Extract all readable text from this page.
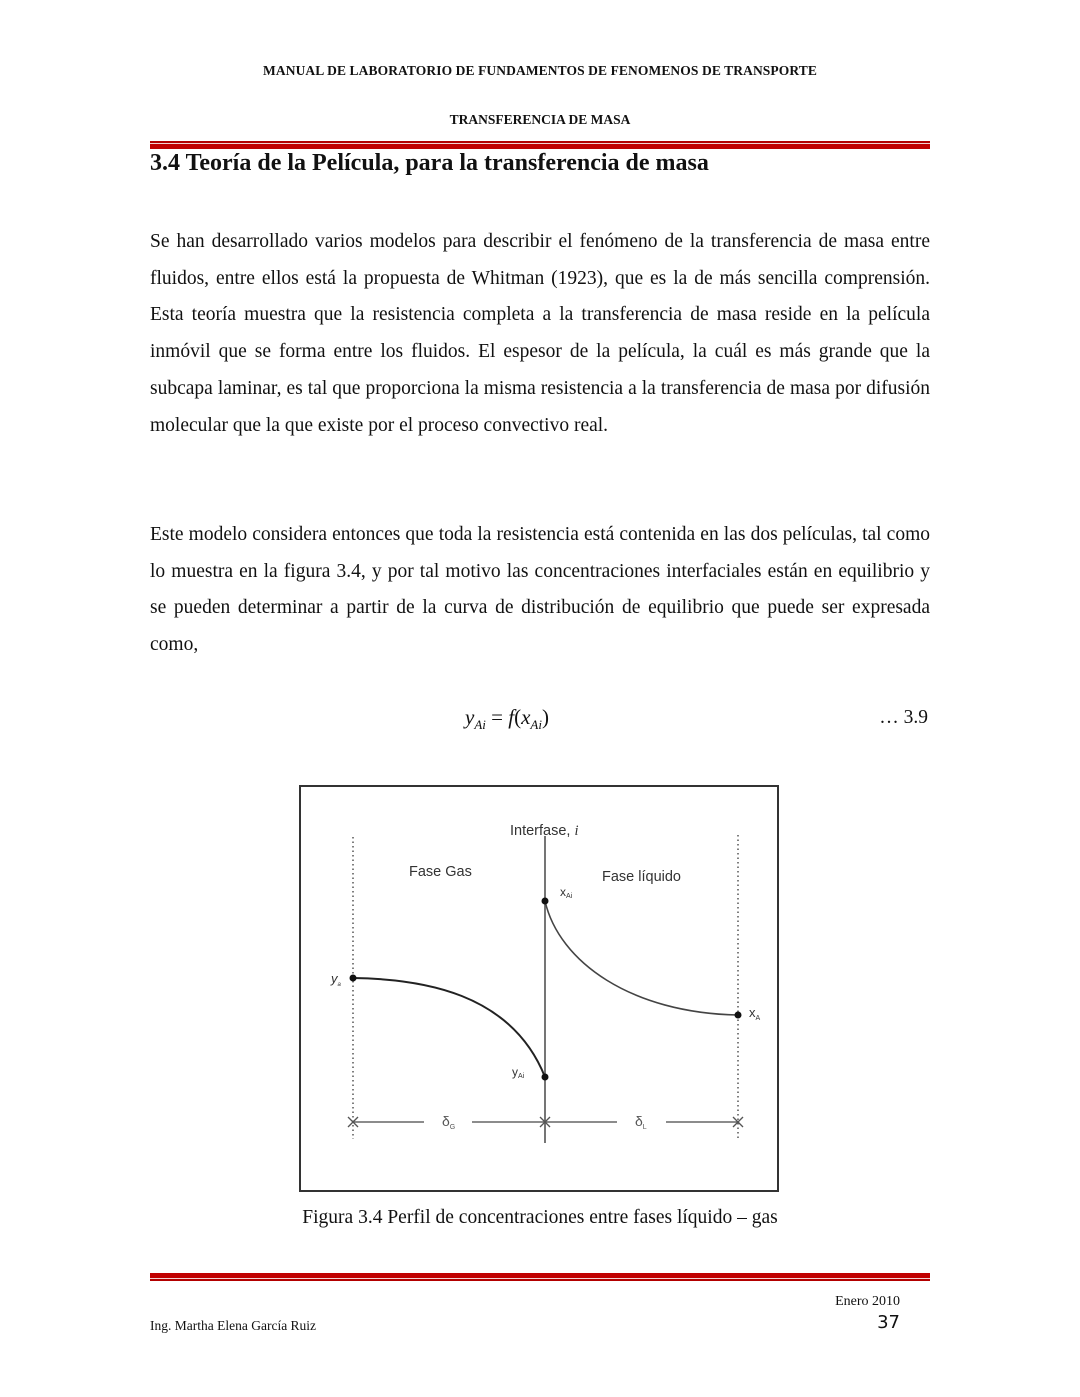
MANUAL DE LABORATORIO DE FUNDAMENTOS DE FENOMENOS DE TRANSPORTE
TRANSFERENCIA DE MASA
3.4 Teoría de la Película, para la transferencia de masa

Se han desarrollado varios modelos para describir el fenómeno de la transferencia de masa entre fluidos, entre ellos está la propuesta de Whitman (1923), que es la de más sencilla comprensión. Esta teoría muestra que la resistencia completa a la transferencia de masa reside en la película inmóvil que se forma entre los fluidos. El espesor de la película, la cuál es más grande que la subcapa laminar, es tal que proporciona la misma resistencia a la transferencia de masa por difusión molecular que la que existe por el proceso convectivo real.

Este modelo considera entonces que toda la resistencia está contenida en las dos películas, tal como lo muestra en la figura 3.4, y por tal motivo las concentraciones interfaciales están en equilibrio y se pueden determinar a partir de la curva de distribución de equilibrio que puede ser expresada como,

$y_{Ai} = f(x_{Ai})$	… 3.9
Interfase, i
Fase Gas	Fase líquido
xAi
$y_a$
yAi
$x_A$
$\delta_G$	$\delta_L$
Figura 3.4 Perfil de concentraciones entre fases líquido – gas
Enero 2010
Ing. Martha Elena García Ruiz	37
